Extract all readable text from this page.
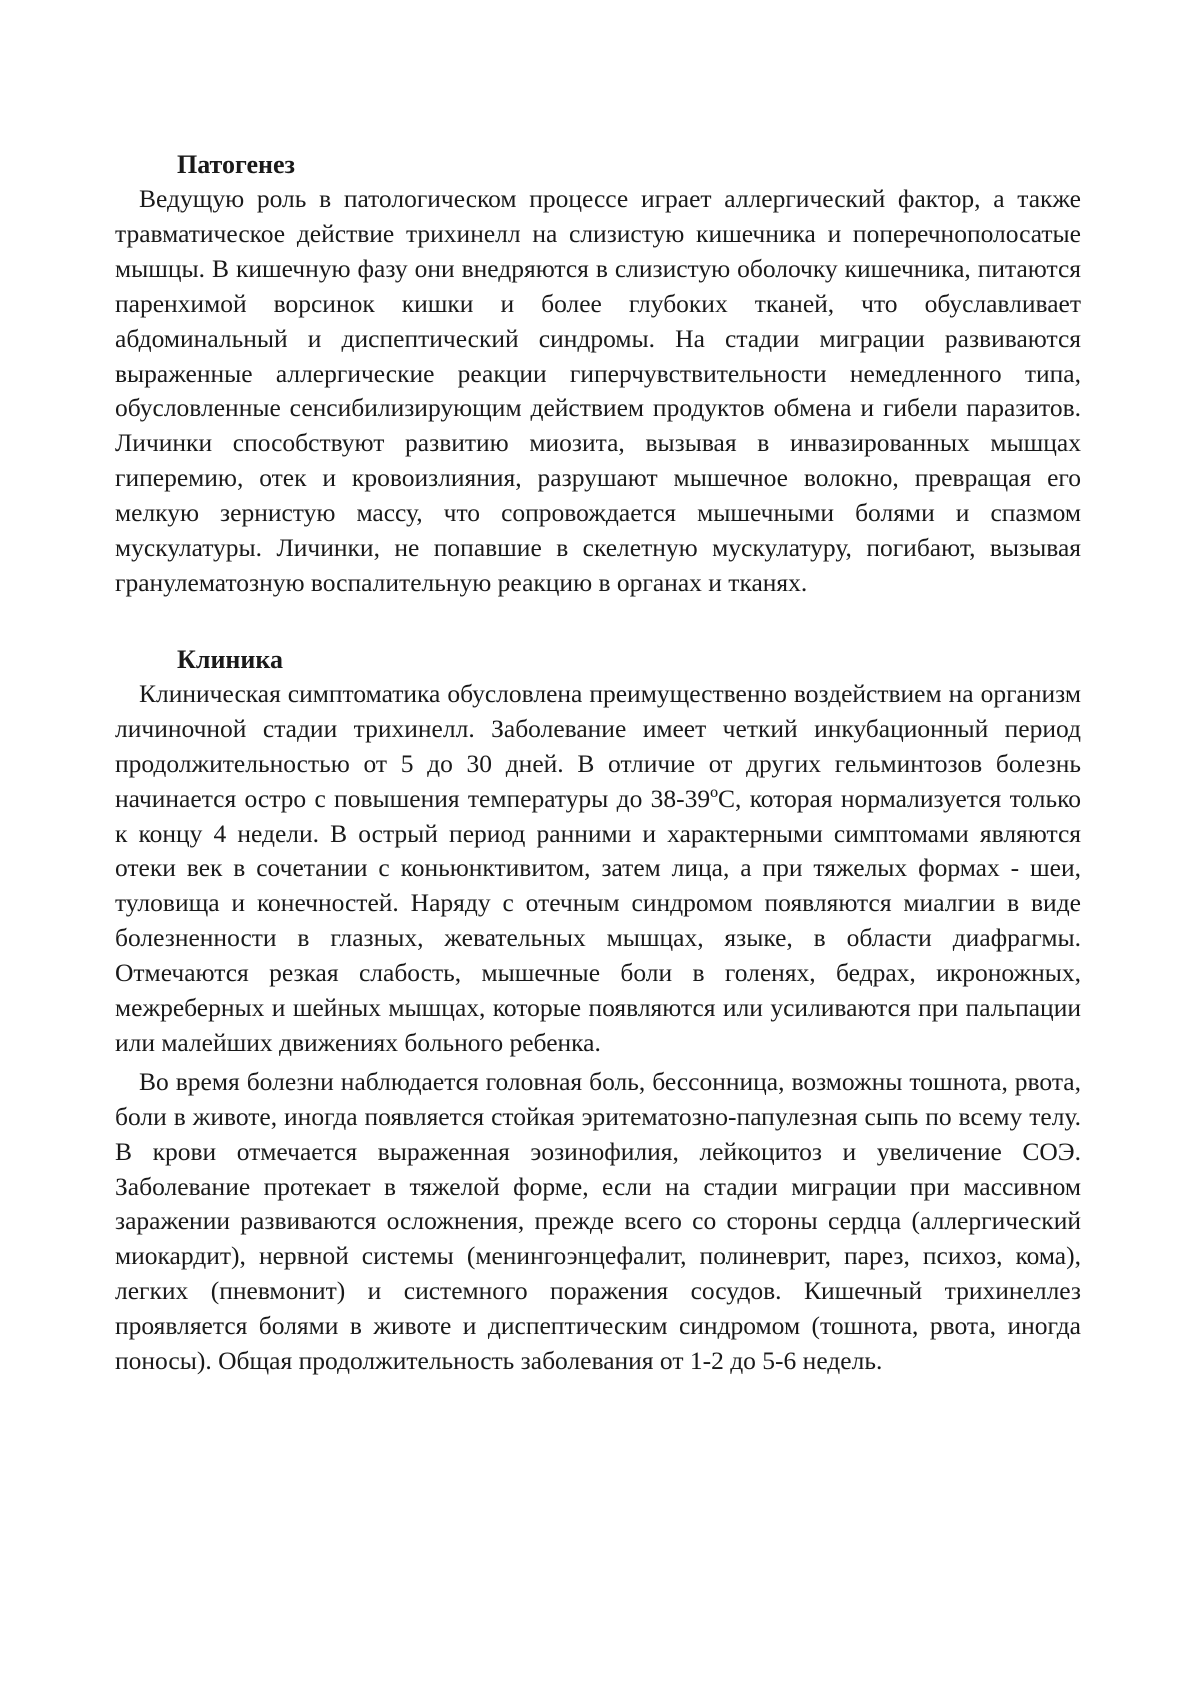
Патогенез

Ведущую роль в патологическом процессе играет аллергический фактор, а также травматическое действие трихинелл на слизистую кишечника и поперечнополосатые мышцы. В кишечную фазу они внедряются в слизистую оболочку кишечника, питаются паренхимой ворсинок кишки и более глубоких тканей, что обуславливает абдоминальный и диспептический синдромы. На стадии миграции развиваются выраженные аллергические реакции гиперчувствительности немедленного типа, обусловленные сенсибилизирующим действием продуктов обмена и гибели паразитов. Личинки способствуют развитию миозита, вызывая в инвазированных мышцах гиперемию, отек и кровоизлияния, разрушают мышечное волокно, превращая его мелкую зернистую массу, что сопровождается мышечными болями и спазмом мускулатуры. Личинки, не попавшие в скелетную мускулатуру, погибают, вызывая гранулематозную воспалительную реакцию в органах и тканях.

Клиника

Клиническая симптоматика обусловлена преимущественно воздействием на организм личиночной стадии трихинелл. Заболевание имеет четкий инкубационный период продолжительностью от 5 до 30 дней. В отличие от других гельминтозов болезнь начинается остро с повышения температуры до 38-39ºС, которая нормализуется только к концу 4 недели. В острый период ранними и характерными симптомами являются отеки век в сочетании с коньюнктивитом, затем лица, а при тяжелых формах - шеи, туловища и конечностей. Наряду с отечным синдромом появляются миалгии в виде болезненности в глазных, жевательных мышцах, языке, в области диафрагмы. Отмечаются резкая слабость, мышечные боли в голенях, бедрах, икроножных, межреберных и шейных мышцах, которые появляются или усиливаются при пальпации или малейших движениях больного ребенка.

Во время болезни наблюдается головная боль, бессонница, возможны тошнота, рвота, боли в животе, иногда появляется стойкая эритематозно-папулезная сыпь по всему телу. В крови отмечается выраженная эозинофилия, лейкоцитоз и увеличение СОЭ. Заболевание протекает в тяжелой форме, если на стадии миграции при массивном заражении развиваются осложнения, прежде всего со стороны сердца (аллергический миокардит), нервной системы (менингоэнцефалит, полиневрит, парез, психоз, кома), легких (пневмонит) и системного поражения сосудов. Кишечный трихинеллез проявляется болями в животе и диспептическим синдромом (тошнота, рвота, иногда поносы). Общая продолжительность заболевания от 1-2 до 5-6 недель.
